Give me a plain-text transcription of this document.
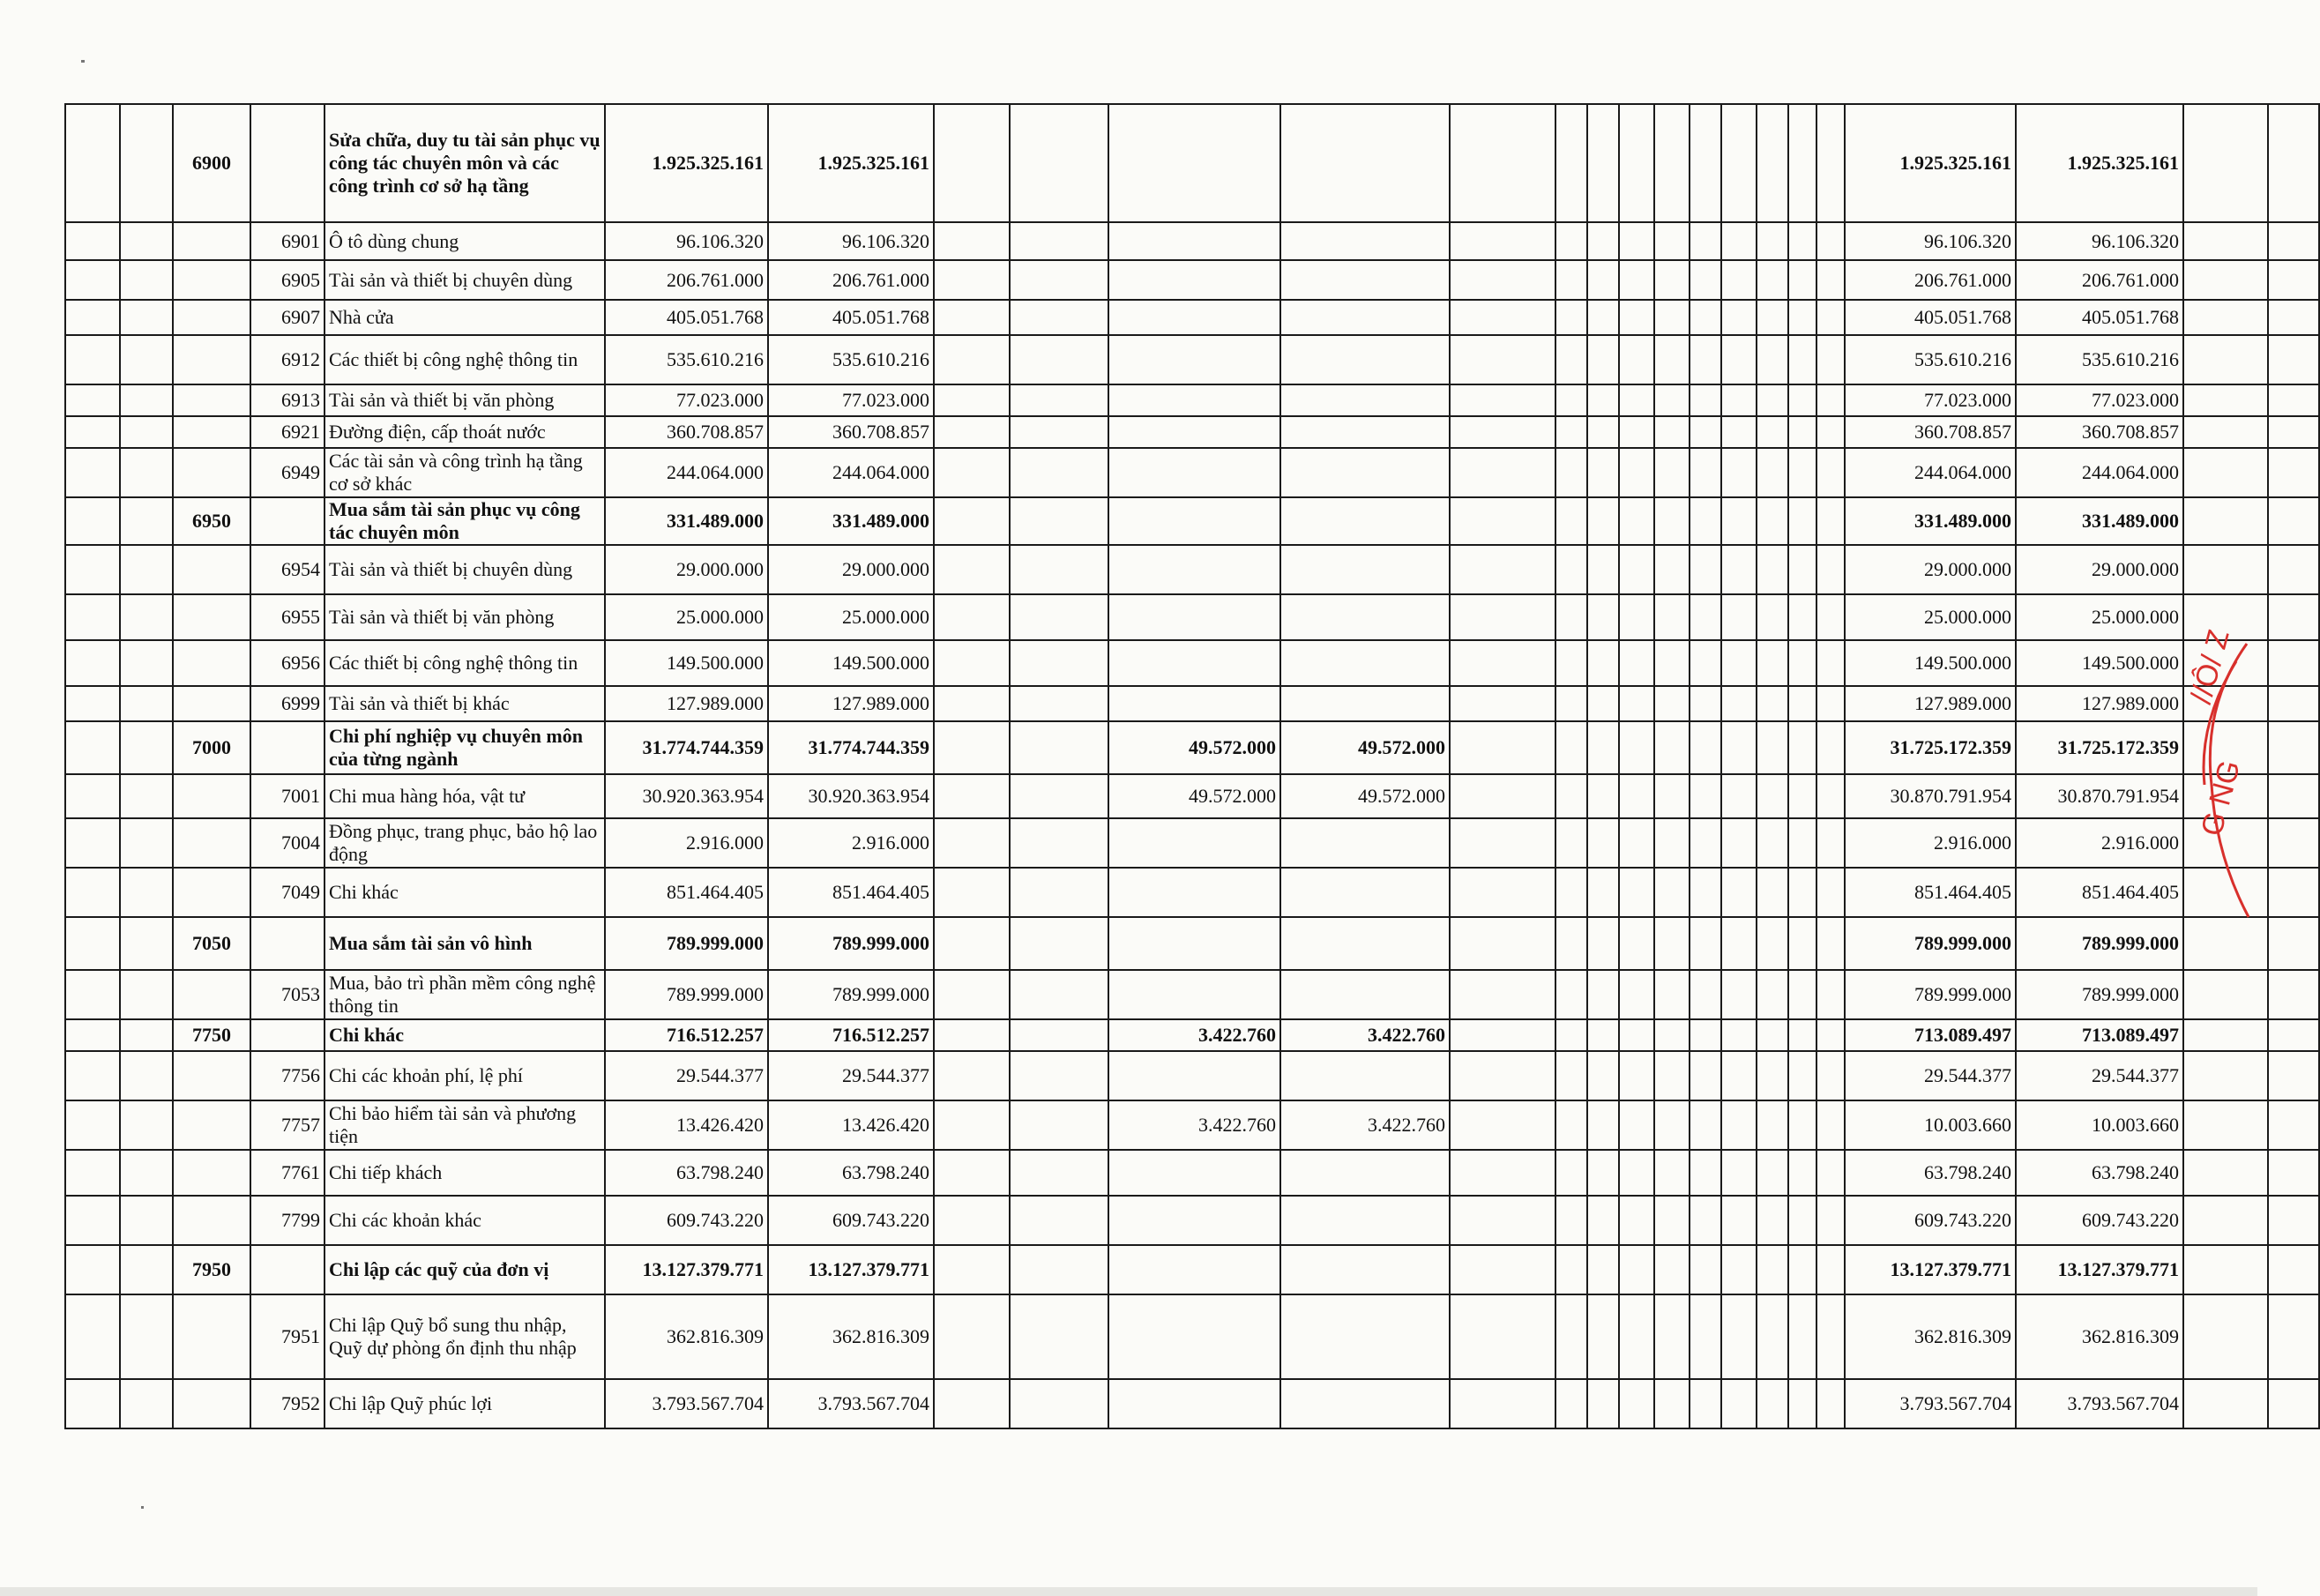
		6900		Sửa chữa, duy tu tài sản phục vụ công tác chuyên môn và các công trình cơ sở hạ tầng	1.925.325.161	1.925.325.161															1.925.325.161	1.925.325.161		
			6901	Ô tô dùng chung	96.106.320	96.106.320															96.106.320	96.106.320		
			6905	Tài sản và thiết bị chuyên dùng	206.761.000	206.761.000															206.761.000	206.761.000		
			6907	Nhà cửa	405.051.768	405.051.768															405.051.768	405.051.768		
			6912	Các thiết bị công nghệ thông tin	535.610.216	535.610.216															535.610.216	535.610.216		
			6913	Tài sản và thiết bị văn phòng	77.023.000	77.023.000															77.023.000	77.023.000		
			6921	Đường điện, cấp thoát nước	360.708.857	360.708.857															360.708.857	360.708.857		
			6949	Các tài sản và công trình hạ tầng cơ sở khác	244.064.000	244.064.000															244.064.000	244.064.000		
		6950		Mua sắm tài sản phục vụ công tác chuyên môn	331.489.000	331.489.000															331.489.000	331.489.000		
			6954	Tài sản và thiết bị chuyên dùng	29.000.000	29.000.000															29.000.000	29.000.000		
			6955	Tài sản và thiết bị văn phòng	25.000.000	25.000.000															25.000.000	25.000.000		
			6956	Các thiết bị công nghệ thông tin	149.500.000	149.500.000															149.500.000	149.500.000		
			6999	Tài sản và thiết bị khác	127.989.000	127.989.000															127.989.000	127.989.000		
		7000		Chi phí nghiệp vụ chuyên môn của từng ngành	31.774.744.359	31.774.744.359			49.572.000	49.572.000											31.725.172.359	31.725.172.359		
			7001	Chi mua hàng hóa, vật tư	30.920.363.954	30.920.363.954			49.572.000	49.572.000											30.870.791.954	30.870.791.954		
			7004	Đồng phục, trang phục, bảo hộ lao động	2.916.000	2.916.000															2.916.000	2.916.000		
			7049	Chi khác	851.464.405	851.464.405															851.464.405	851.464.405		
		7050		Mua sắm tài sản vô hình	789.999.000	789.999.000															789.999.000	789.999.000		
			7053	Mua, bảo trì phần mềm công nghệ thông tin	789.999.000	789.999.000															789.999.000	789.999.000		
		7750		Chi khác	716.512.257	716.512.257			3.422.760	3.422.760											713.089.497	713.089.497		
			7756	Chi các khoản phí, lệ phí	29.544.377	29.544.377															29.544.377	29.544.377		
			7757	Chi bảo hiểm tài sản và phương tiện	13.426.420	13.426.420			3.422.760	3.422.760											10.003.660	10.003.660		
			7761	Chi tiếp khách	63.798.240	63.798.240															63.798.240	63.798.240		
			7799	Chi các khoản khác	609.743.220	609.743.220															609.743.220	609.743.220		
		7950		Chi lập các quỹ của đơn vị	13.127.379.771	13.127.379.771															13.127.379.771	13.127.379.771		
			7951	Chi lập Quỹ bổ sung thu nhập, Quỹ dự phòng ổn định thu nhập	362.816.309	362.816.309															362.816.309	362.816.309		
			7952	Chi lập Quỹ phúc lợi	3.793.567.704	3.793.567.704															3.793.567.704	3.793.567.704		
//Ô/ Z
G NG
